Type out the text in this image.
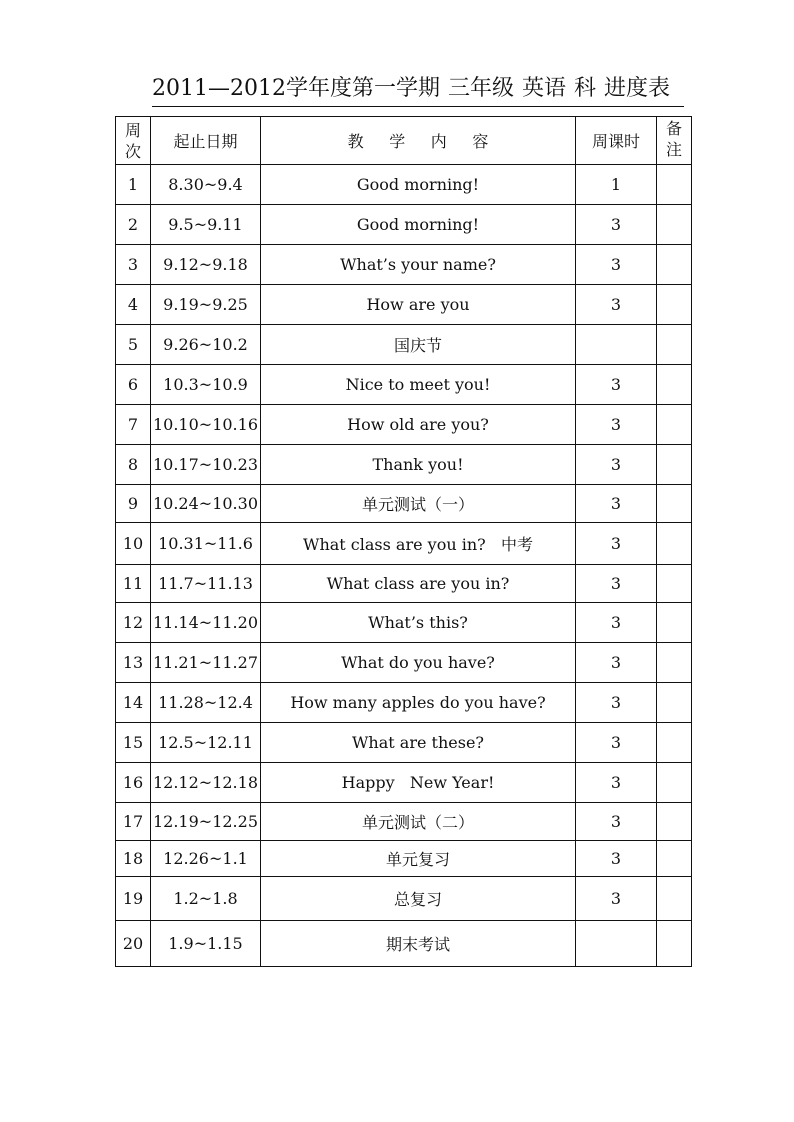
2011—2012学年度第一学期 三年级 英语 科 进度表
周次	起止日期	教学内容	周课时	备注
1	8.30~9.4	Good morning!	1	
2	9.5~9.11	Good morning!	3	
3	9.12~9.18	What’s your name?	3	
4	9.19~9.25	How are you	3	
5	9.26~10.2	国庆节		
6	10.3~10.9	Nice to meet you!	3	
7	10.10~10.16	How old are you?	3	
8	10.17~10.23	Thank you!	3	
9	10.24~10.30	单元测试（一）	3	
10	10.31~11.6	What class are you in?   中考	3	
11	11.7~11.13	What class are you in?	3	
12	11.14~11.20	What’s this?	3	
13	11.21~11.27	What do you have?	3	
14	11.28~12.4	How many apples do you have?	3	
15	12.5~12.11	What are these?	3	
16	12.12~12.18	Happy   New Year!	3	
17	12.19~12.25	单元测试（二）	3	
18	12.26~1.1	单元复习	3	
19	1.2~1.8	总复习	3	
20	1.9~1.15	期末考试		
